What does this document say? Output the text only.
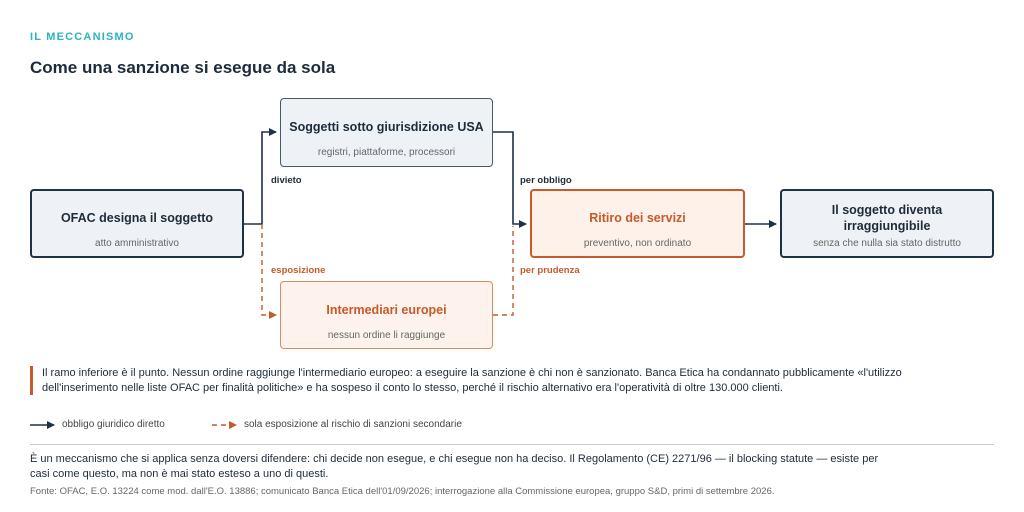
IL MECCANISMO
Come una sanzione si esegue da sola
OFAC designa il soggetto
atto amministrativo
Soggetti sotto giurisdizione USA
registri, piattaforme, processori
Intermediari europei
nessun ordine li raggiunge
Ritiro dei servizi
preventivo, non ordinato
Il soggetto diventa irraggiungibile
senza che nulla sia stato distrutto
divieto
esposizione
per obbligo
per prudenza
Il ramo inferiore è il punto. Nessun ordine raggiunge l'intermediario europeo: a eseguire la sanzione è chi non è sanzionato. Banca Etica ha condannato pubblicamente «l'utilizzo dell'inserimento nelle liste OFAC per finalità politiche» e ha sospeso il conto lo stesso, perché il rischio alternativo era l'operatività di oltre 130.000 clienti.
obbligo giuridico diretto	sola esposizione al rischio di sanzioni secondarie
È un meccanismo che si applica senza doversi difendere: chi decide non esegue, e chi esegue non ha deciso. Il Regolamento (CE) 2271/96 — il blocking statute — esiste per casi come questo, ma non è mai stato esteso a uno di questi.
Fonte: OFAC, E.O. 13224 come mod. dall'E.O. 13886; comunicato Banca Etica dell'01/09/2026; interrogazione alla Commissione europea, gruppo S&D, primi di settembre 2026.
